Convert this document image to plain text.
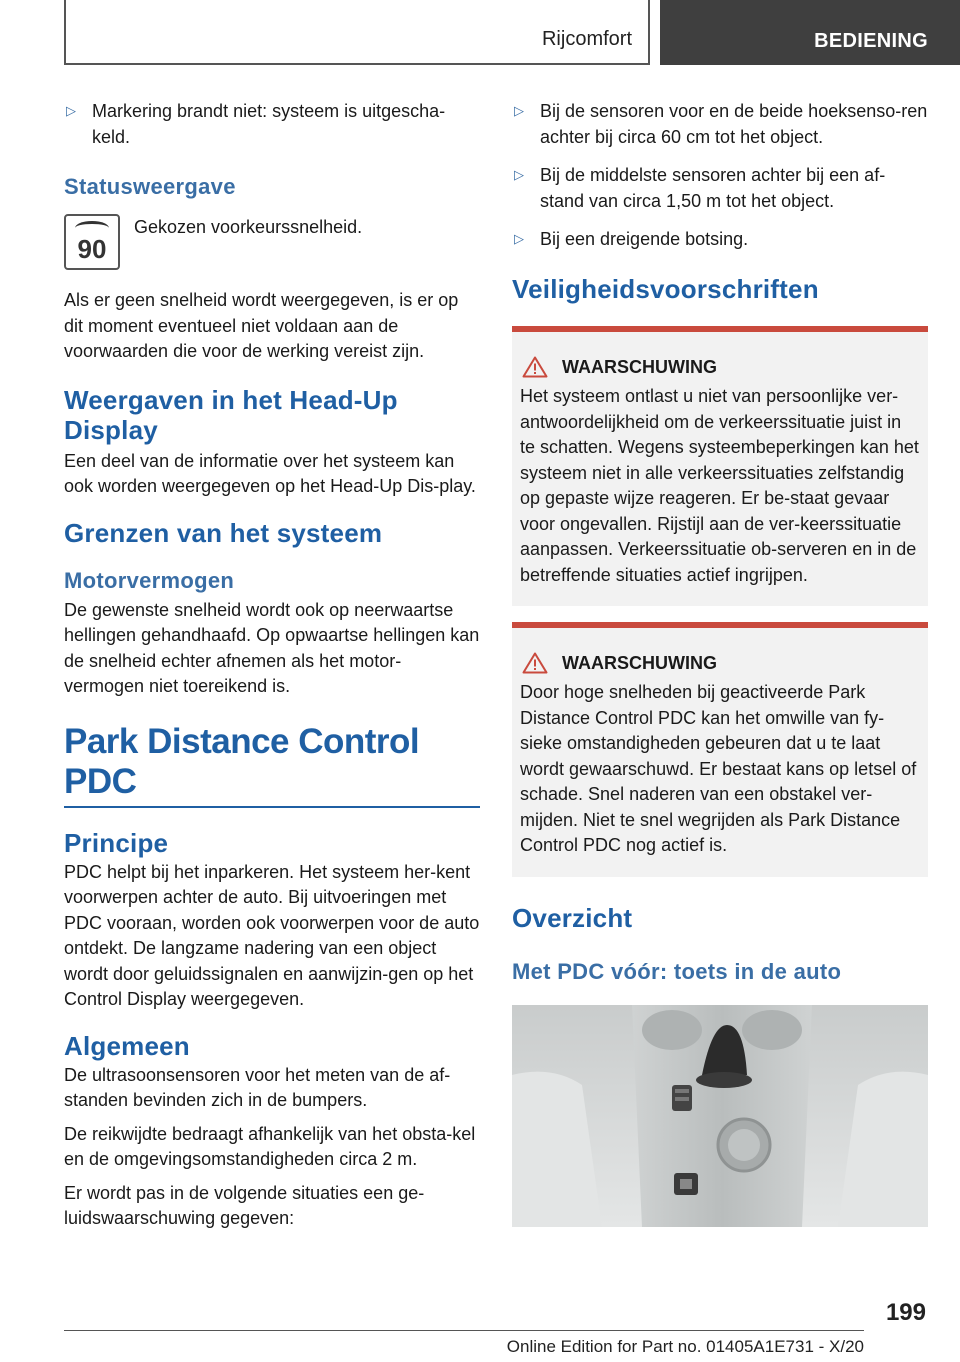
Rijcomfort	BEDIENING
▷ Markering brandt niet: systeem is uitgescha-keld.
Statusweergave
90
Gekozen voorkeurssnelheid.

Als er geen snelheid wordt weergegeven, is er op dit moment eventueel niet voldaan aan de voorwaarden die voor de werking vereist zijn.

Weergaven in het Head-Up Display

Een deel van de informatie over het systeem kan ook worden weergegeven op het Head-Up Dis-play.

Grenzen van het systeem
Motorvermogen

De gewenste snelheid wordt ook op neerwaartse hellingen gehandhaafd. Op opwaartse hellingen kan de snelheid echter afnemen als het motor-vermogen niet toereikend is.

Park Distance Control PDC
Principe

PDC helpt bij het inparkeren. Het systeem her-kent voorwerpen achter de auto. Bij uitvoeringen met PDC vooraan, worden ook voorwerpen voor de auto ontdekt. De langzame nadering van een object wordt door geluidssignalen en aanwijzin-gen op het Control Display weergegeven.

Algemeen

De ultrasoonsensoren voor het meten van de af-standen bevinden zich in de bumpers.

De reikwijdte bedraagt afhankelijk van het obsta-kel en de omgevingsomstandigheden circa 2 m.

Er wordt pas in de volgende situaties een ge-luidswaarschuwing gegeven:

▷ Bij de sensoren voor en de beide hoeksenso-ren achter bij circa 60 cm tot het object.
▷ Bij de middelste sensoren achter bij een af-stand van circa 1,50 m tot het object.
▷ Bij een dreigende botsing.
Veiligheidsvoorschriften
WAARSCHUWING
Het systeem ontlast u niet van persoonlijke ver-antwoordelijkheid om de verkeerssituatie juist in te schatten. Wegens systeembeperkingen kan het systeem niet in alle verkeerssituaties zelfstandig op gepaste wijze reageren. Er be-staat gevaar voor ongevallen. Rijstijl aan de ver-keerssituatie aanpassen. Verkeerssituatie ob-serveren en in de betreffende situaties actief ingrijpen.
WAARSCHUWING
Door hoge snelheden bij geactiveerde Park Distance Control PDC kan het omwille van fy-sieke omstandigheden gebeuren dat u te laat wordt gewaarschuwd. Er bestaat kans op letsel of schade. Snel naderen van een obstakel ver-mijden. Niet te snel wegrijden als Park Distance Control PDC nog actief is.
Overzicht
Met PDC vóór: toets in de auto
199
Online Edition for Part no. 01405A1E731 - X/20
